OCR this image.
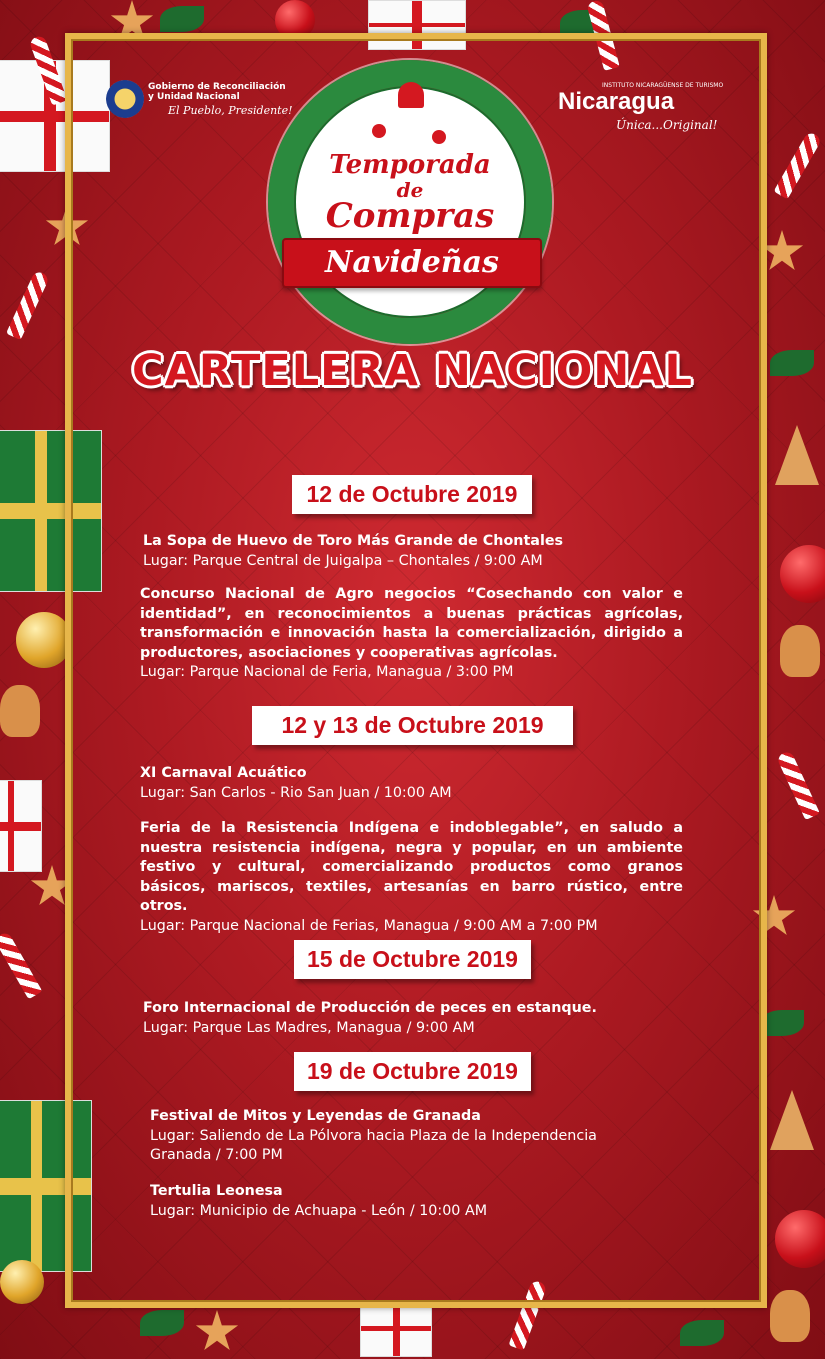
Gobierno de Reconciliación
y Unidad Nacional
El Pueblo, Presidente!
INSTITUTO NICARAGÜENSE DE TURISMO
Nicaragua
Única...Original!
Temporada
de
Compras
Navideñas
CARTELERA NACIONAL
12 de Octubre 2019
La Sopa de Huevo de Toro Más Grande de Chontales
Lugar: Parque Central de Juigalpa – Chontales / 9:00 AM
Concurso Nacional de Agro negocios “Cosechando con valor e identidad”, en reconocimientos a buenas prácticas agrícolas, transformación e innovación hasta la comercialización, dirigido a productores, asociaciones y cooperativas agrícolas.
Lugar: Parque Nacional de Feria, Managua / 3:00 PM
12 y 13 de Octubre 2019
XI Carnaval Acuático
Lugar: San Carlos - Rio San Juan / 10:00 AM
Feria de la Resistencia Indígena e indoblegable”, en saludo a nuestra resistencia indígena, negra y popular, en un ambiente festivo y cultural, comercializando productos como granos básicos, mariscos, textiles, artesanías en barro rústico, entre otros.
Lugar: Parque Nacional de Ferias, Managua / 9:00 AM a 7:00 PM
15 de Octubre 2019
Foro Internacional de Producción de peces en estanque.
Lugar: Parque Las Madres, Managua / 9:00 AM
19 de Octubre 2019
Festival de Mitos y Leyendas de Granada
Lugar: Saliendo de La Pólvora hacia Plaza de la Independencia Granada / 7:00 PM
Tertulia Leonesa
Lugar: Municipio de Achuapa - León / 10:00 AM
